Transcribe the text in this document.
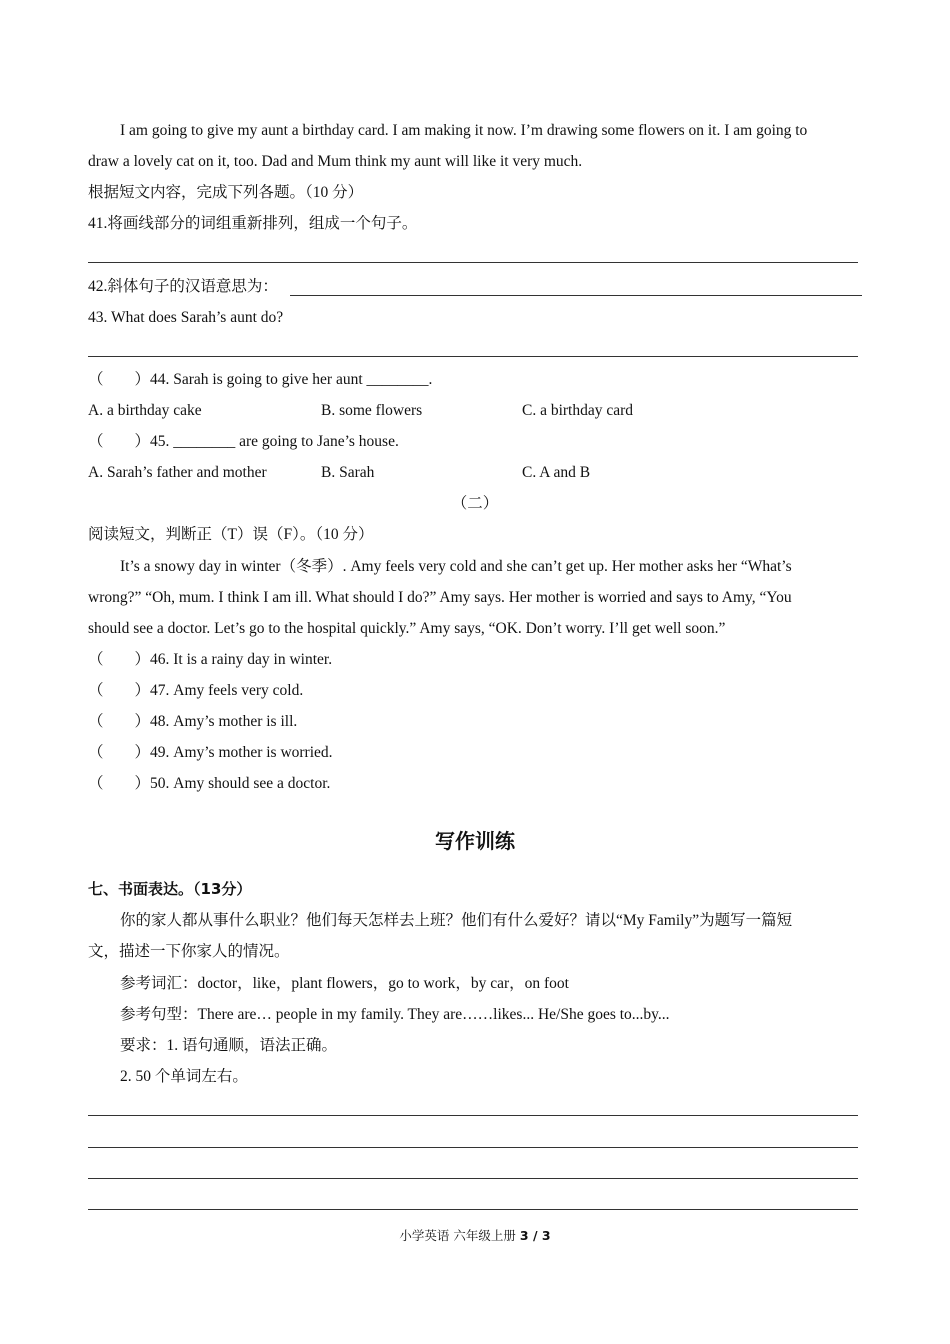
I am going to give my aunt a birthday card. I am making it now. I’m drawing some flowers on it. I am going to
draw a lovely cat on it, too. Dad and Mum think my aunt will like it very much.
根据短文内容，完成下列各题。（10 分）
41.将画线部分的词组重新排列，组成一个句子。
42.斜体句子的汉语意思为：
43. What does Sarah’s aunt do?
（        ）44. Sarah is going to give her aunt ________.
A. a birthday cake	B. some flowers	C. a birthday card
（        ）45. ________ are going to Jane’s house.
A. Sarah’s father and mother	B. Sarah	C. A and B
（二）
阅读短文，判断正（T）误（F）。（10 分）
It’s a snowy day in winter（冬季）. Amy feels very cold and she can’t get up. Her mother asks her “What’s
wrong?” “Oh, mum. I think I am ill. What should I do?” Amy says. Her mother is worried and says to Amy, “You
should see a doctor. Let’s go to the hospital quickly.” Amy says, “OK. Don’t worry. I’ll get well soon.”
（        ）46. It is a rainy day in winter.
（        ）47. Amy feels very cold.
（        ）48. Amy’s mother is ill.
（        ）49. Amy’s mother is worried.
（        ）50. Amy should see a doctor.
写作训练
七、书面表达。（13分）
你的家人都从事什么职业？他们每天怎样去上班？他们有什么爱好？请以“My Family”为题写一篇短
文，描述一下你家人的情况。
参考词汇：doctor，like，plant flowers，go to work，by car，on foot
参考句型：There are… people in my family. They are……likes... He/She goes to...by...
要求：1. 语句通顺，语法正确。
2. 50 个单词左右。
小学英语 六年级上册 3 / 3
